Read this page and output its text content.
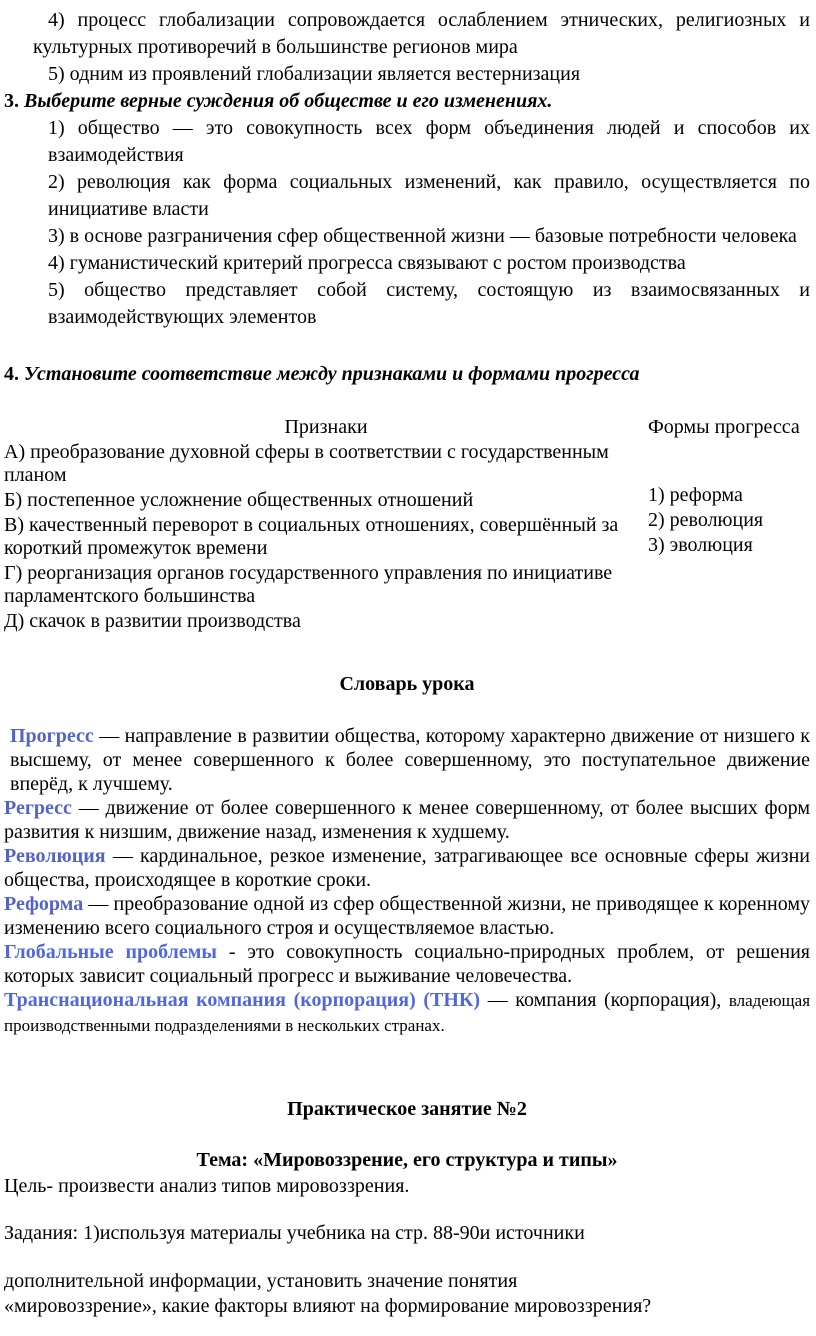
4) процесс глобализации сопровождается ослаблением этнических, религиозных и культурных противоречий в большинстве регионов мира

5) одним из проявлений глобализации является вестернизация

3. Выберите верные суждения об обществе и его изменениях.

1) общество — это совокупность всех форм объединения людей и способов их взаимодействия

2) революция как форма социальных изменений, как правило, осуществляется по инициативе власти

3) в основе разграничения сфер общественной жизни — базовые потребности человека

4) гуманистический критерий прогресса связывают с ростом производства

5) общество представляет собой систему, состоящую из взаимосвязанных и взаимодействующих элементов

4. Установите соответствие между признаками и формами прогресса

Признаки

А) преобразование духовной сферы в соответствии с государственным планом

Б) постепенное усложнение общественных отношений

В) качественный переворот в социальных отношениях, совершённый за короткий промежуток времени

Г) реорганизация органов государственного управления по инициативе парламентского большинства

Д) скачок в развитии производства

Формы прогресса

1) реформа

2) революция

3) эволюция

Словарь урока

Прогресс — направление в развитии общества, которому характерно движение от низшего к высшему, от менее совершенного к более совершенному, это поступательное движение вперёд, к лучшему.

Регресс — движение от более совершенного к менее совершенному, от более высших форм развития к низшим, движение назад, изменения к худшему.

Революция — кардинальное, резкое изменение, затрагивающее все основные сферы жизни общества, происходящее в короткие сроки.

Реформа — преобразование одной из сфер общественной жизни, не приводящее к коренному изменению всего социального строя и осуществляемое властью.

Глобальные проблемы - это совокупность социально-природных проблем, от решения которых зависит социальный прогресс и выживание человечества.

Транснациональная компания (корпорация) (ТНК) — компания (корпорация), владеющая производственными подразделениями в нескольких странах.

Практическое занятие №2
Тема: «Мировоззрение, его структура и типы»

Цель- произвести анализ типов мировоззрения.

Задания: 1)используя материалы учебника на стр. 88-90и источники

дополнительной информации, установить значение понятия

«мировоззрение», какие факторы влияют на формирование мировоззрения?
